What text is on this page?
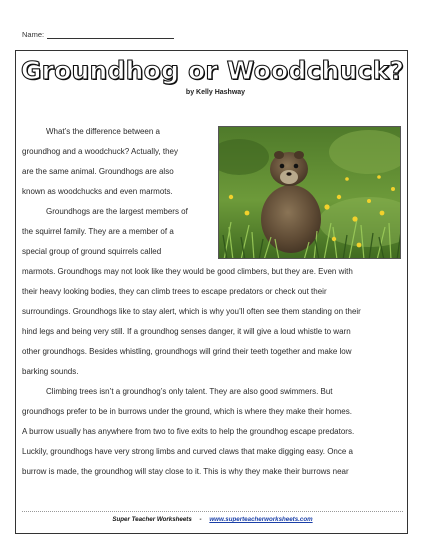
Name:
Groundhog or Woodchuck?
by Kelly Hashway
What’s the difference between a
groundhog and a woodchuck? Actually, they
are the same animal. Groundhogs are also
known as woodchucks and even marmots.
Groundhogs are the largest members of
the squirrel family. They are a member of a
special group of ground squirrels called
marmots. Groundhogs may not look like they would be good climbers, but they are. Even with
their heavy looking bodies, they can climb trees to escape predators or check out their
surroundings. Groundhogs like to stay alert, which is why you’ll often see them standing on their
hind legs and being very still. If a groundhog senses danger, it will give a loud whistle to warn
other groundhogs. Besides whistling, groundhogs will grind their teeth together and make low
barking sounds.
Climbing trees isn’t a groundhog’s only talent. They are also good swimmers. But
groundhogs prefer to be in burrows under the ground, which is where they make their homes.
A burrow usually has anywhere from two to five exits to help the groundhog escape predators.
Luckily, groundhogs have very strong limbs and curved claws that make digging easy. Once a
burrow is made, the groundhog will stay close to it. This is why they make their burrows near
Super Teacher Worksheets - www.superteacherworksheets.com
